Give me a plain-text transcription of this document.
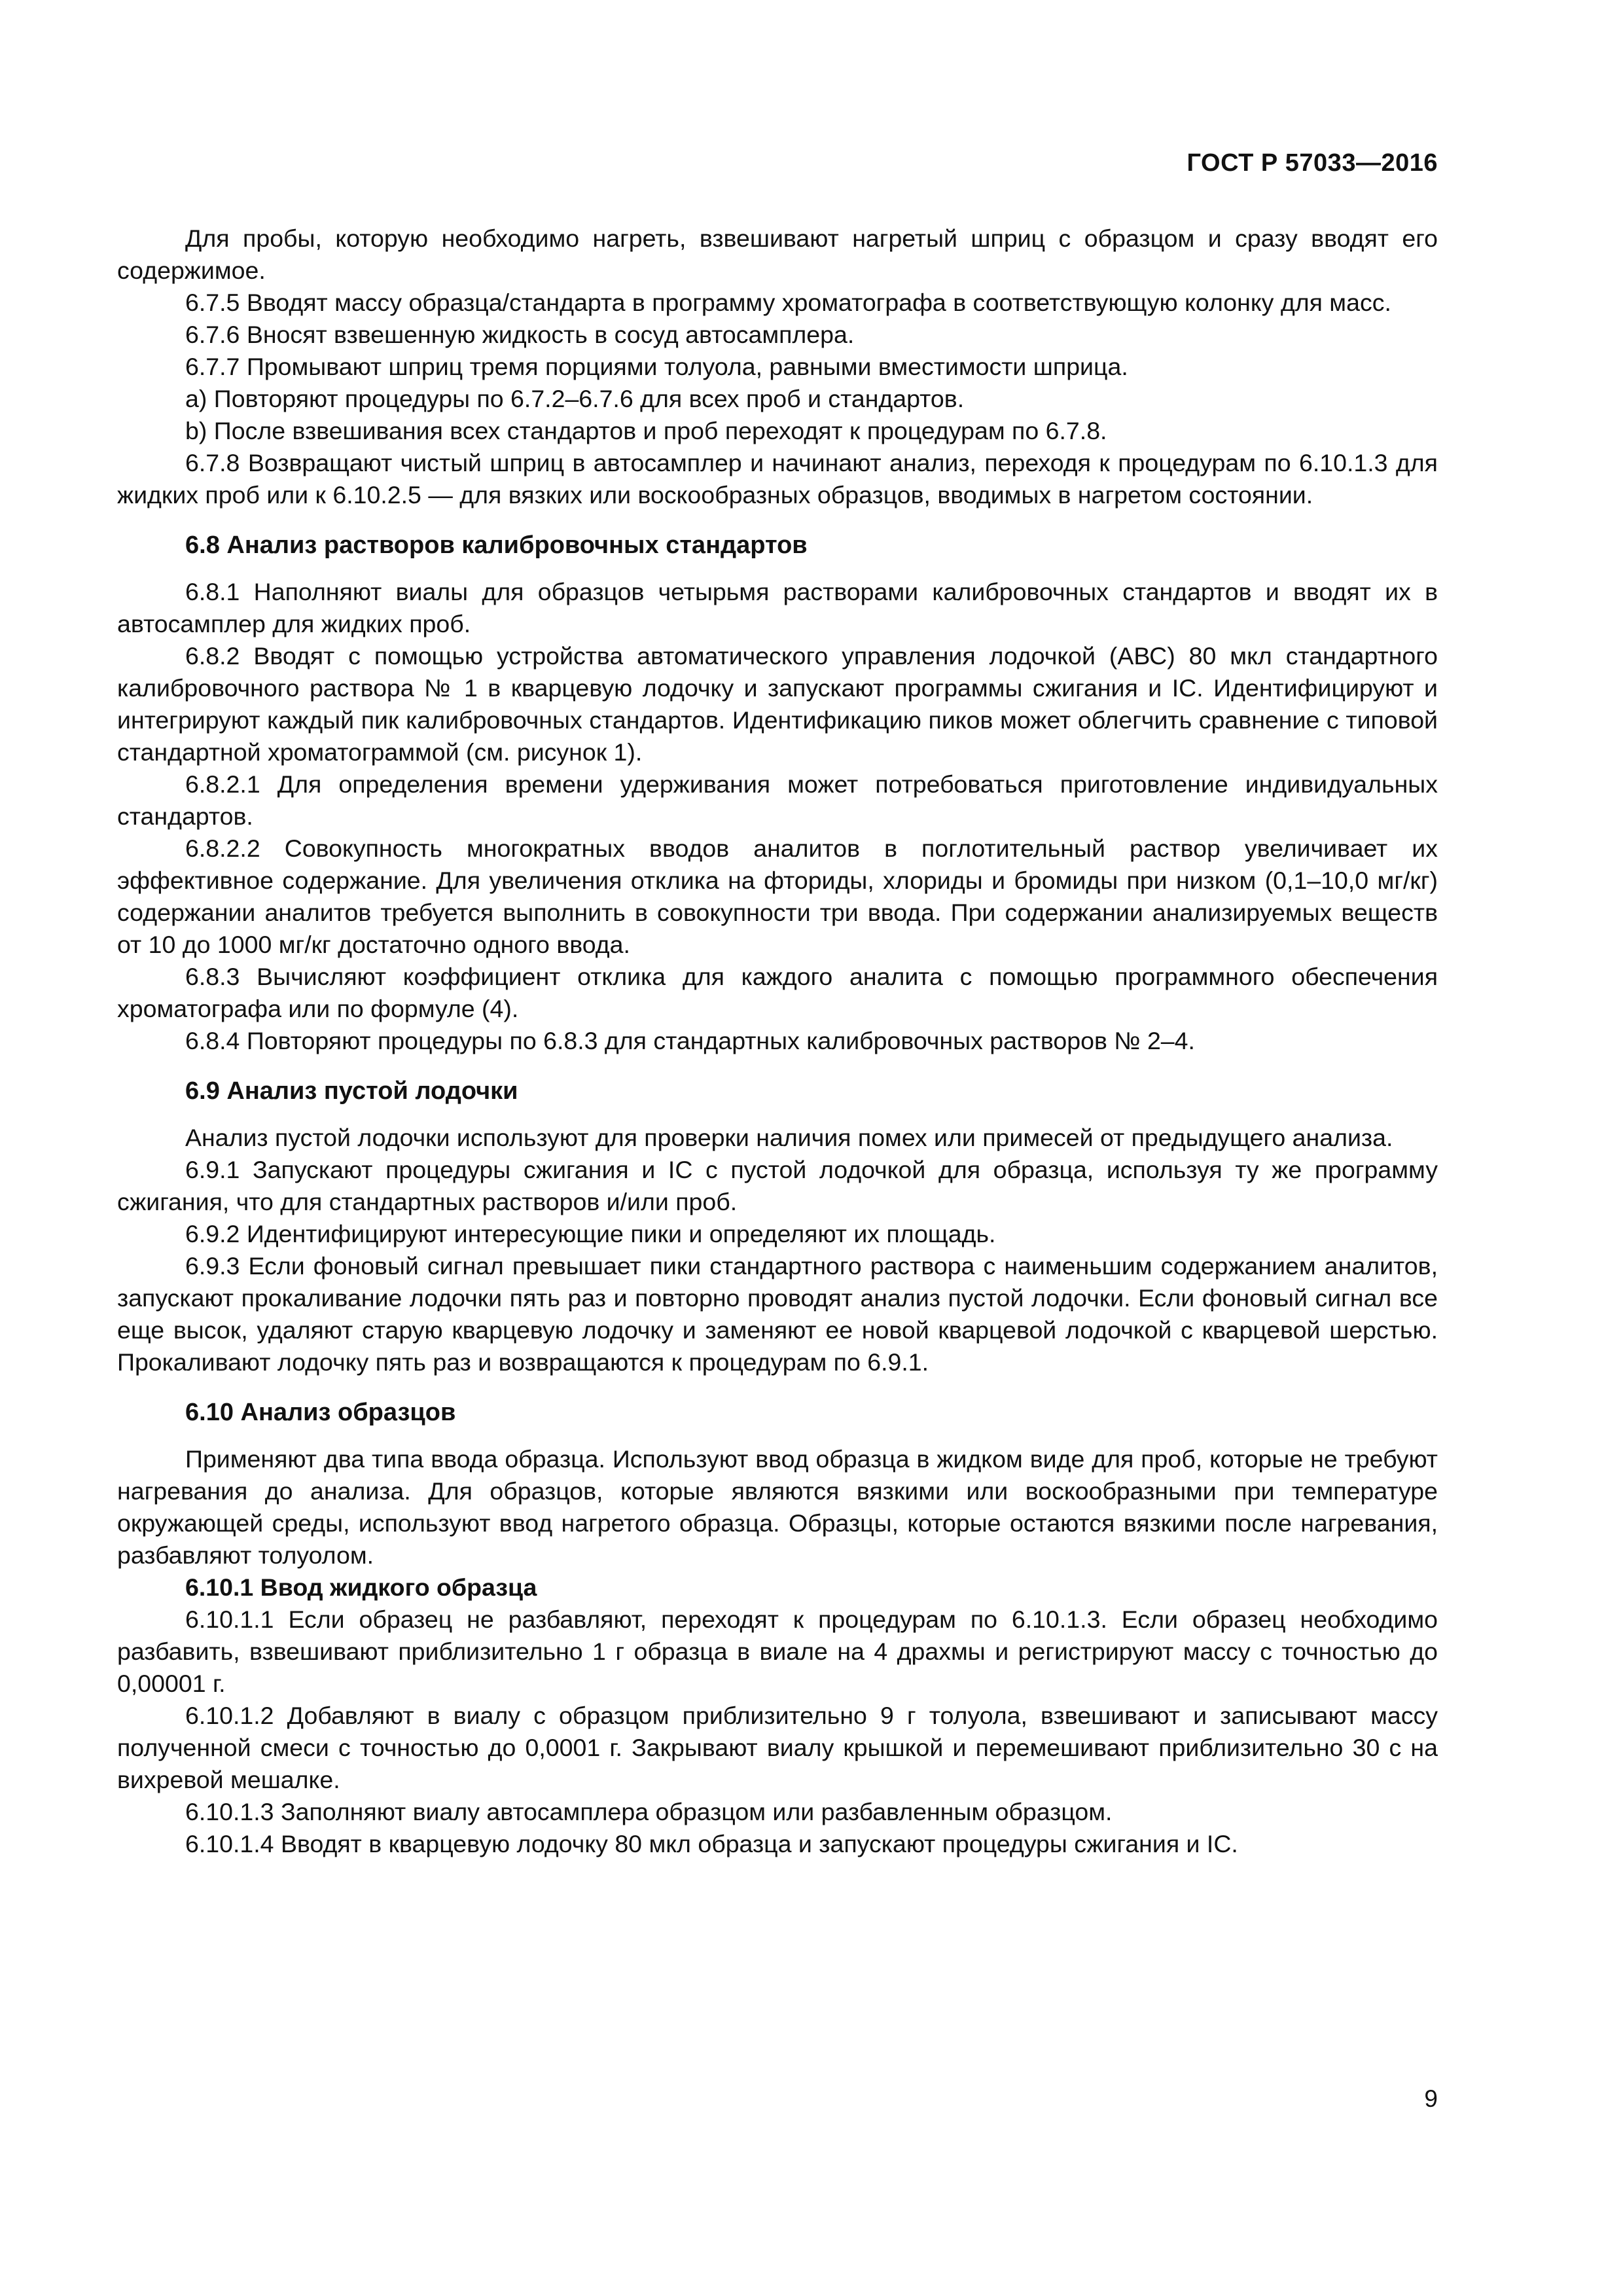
ГОСТ Р 57033—2016

Для пробы, которую необходимо нагреть, взвешивают нагретый шприц с образцом и сразу вводят его содержимое.

6.7.5 Вводят массу образца/стандарта в программу хроматографа в соответствующую колонку для масс.

6.7.6 Вносят взвешенную жидкость в сосуд автосамплера.

6.7.7 Промывают шприц тремя порциями толуола, равными вместимости шприца.

a) Повторяют процедуры по 6.7.2–6.7.6 для всех проб и стандартов.

b) После взвешивания всех стандартов и проб переходят к процедурам по 6.7.8.

6.7.8 Возвращают чистый шприц в автосамплер и начинают анализ, переходя к процедурам по 6.10.1.3 для жидких проб или к 6.10.2.5 — для вязких или воскообразных образцов, вводимых в нагретом состоянии.

6.8 Анализ растворов калибровочных стандартов

6.8.1 Наполняют виалы для образцов четырьмя растворами калибровочных стандартов и вводят их в автосамплер для жидких проб.

6.8.2 Вводят с помощью устройства автоматического управления лодочкой (АВС) 80 мкл стандартного калибровочного раствора № 1 в кварцевую лодочку и запускают программы сжигания и IC. Идентифицируют и интегрируют каждый пик калибровочных стандартов. Идентификацию пиков может облегчить сравнение с типовой стандартной хроматограммой (см. рисунок 1).

6.8.2.1 Для определения времени удерживания может потребоваться приготовление индивидуальных стандартов.

6.8.2.2 Совокупность многократных вводов аналитов в поглотительный раствор увеличивает их эффективное содержание. Для увеличения отклика на фториды, хлориды и бромиды при низком (0,1–10,0 мг/кг) содержании аналитов требуется выполнить в совокупности три ввода. При содержании анализируемых веществ от 10 до 1000 мг/кг достаточно одного ввода.

6.8.3 Вычисляют коэффициент отклика для каждого аналита с помощью программного обеспечения хроматографа или по формуле (4).

6.8.4 Повторяют процедуры по 6.8.3 для стандартных калибровочных растворов № 2–4.

6.9 Анализ пустой лодочки

Анализ пустой лодочки используют для проверки наличия помех или примесей от предыдущего анализа.

6.9.1 Запускают процедуры сжигания и IC с пустой лодочкой для образца, используя ту же программу сжигания, что для стандартных растворов и/или проб.

6.9.2 Идентифицируют интересующие пики и определяют их площадь.

6.9.3 Если фоновый сигнал превышает пики стандартного раствора с наименьшим содержанием аналитов, запускают прокаливание лодочки пять раз и повторно проводят анализ пустой лодочки. Если фоновый сигнал все еще высок, удаляют старую кварцевую лодочку и заменяют ее новой кварцевой лодочкой с кварцевой шерстью. Прокаливают лодочку пять раз и возвращаются к процедурам по 6.9.1.

6.10 Анализ образцов

Применяют два типа ввода образца. Используют ввод образца в жидком виде для проб, которые не требуют нагревания до анализа. Для образцов, которые являются вязкими или воскообразными при температуре окружающей среды, используют ввод нагретого образца. Образцы, которые остаются вязкими после нагревания, разбавляют толуолом.

6.10.1 Ввод жидкого образца

6.10.1.1 Если образец не разбавляют, переходят к процедурам по 6.10.1.3. Если образец необходимо разбавить, взвешивают приблизительно 1 г образца в виале на 4 драхмы и регистрируют массу с точностью до 0,00001 г.

6.10.1.2 Добавляют в виалу с образцом приблизительно 9 г толуола, взвешивают и записывают массу полученной смеси с точностью до 0,0001 г. Закрывают виалу крышкой и перемешивают приблизительно 30 с на вихревой мешалке.

6.10.1.3 Заполняют виалу автосамплера образцом или разбавленным образцом.

6.10.1.4 Вводят в кварцевую лодочку 80 мкл образца и запускают процедуры сжигания и IC.

9
